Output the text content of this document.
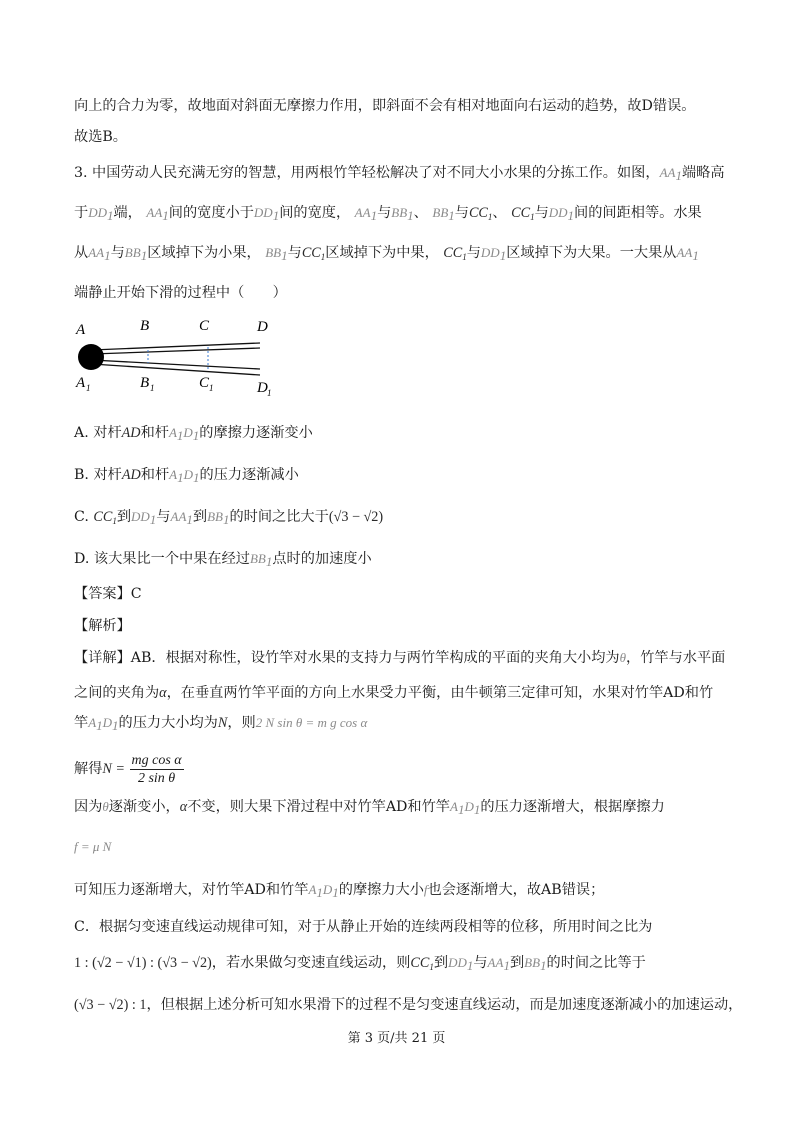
向上的合力为零，故地面对斜面无摩擦力作用，即斜面不会有相对地面向右运动的趋势，故D错误。
故选B。
3. 中国劳动人民充满无穷的智慧，用两根竹竿轻松解决了对不同大小水果的分拣工作。如图，$AA_1$端略高
于$DD_1$端， $AA_1$间的宽度小于$DD_1$间的宽度， $AA_1$与$BB_1$、 $BB_1$与$CC_1$、 $CC_1$与$DD_1$间的间距相等。水果
从$AA_1$与$BB_1$区域掉下为小果， $BB_1$与$CC_1$区域掉下为中果， $CC_1$与$DD_1$区域掉下为大果。一大果从$AA_1$
端静止开始下滑的过程中（　　）
A	B	C	D
A 1	B 1	C 1	D 1
A. 对杆AD和杆$A_1D_1$的摩擦力逐渐变小
B. 对杆AD和杆$A_1D_1$的压力逐渐减小
C. $CC_1$到$DD_1$与$AA_1$到$BB_1$的时间之比大于(√3 − √2)
D. 该大果比一个中果在经过$BB_1$点时的加速度小
【答案】C
【解析】
【详解】AB．根据对称性，设竹竿对水果的支持力与两竹竿构成的平面的夹角大小均为θ，竹竿与水平面
之间的夹角为α，在垂直两竹竿平面的方向上水果受力平衡，由牛顿第三定律可知，水果对竹竿AD和竹
竿$A_1D_1$的压力大小均为N，则2 N sin θ = m g cos α
解得$N = \frac{\text{mg cos α}}{\text{2 sin θ}}$
因为θ逐渐变小，α不变，则大果下滑过程中对竹竿AD和竹竿$A_1D_1$的压力逐渐增大，根据摩擦力
f = μ N
可知压力逐渐增大，对竹竿AD和竹竿$A_1D_1$的摩擦力大小f也会逐渐增大，故AB错误；
C．根据匀变速直线运动规律可知，对于从静止开始的连续两段相等的位移，所用时间之比为
1 : (√2 − √1) : (√3 − √2)，若水果做匀变速直线运动，则$CC_1$到$DD_1$与$AA_1$到$BB_1$的时间之比等于
(√3 − √2) : 1，但根据上述分析可知水果滑下的过程不是匀变速直线运动，而是加速度逐渐减小的加速运动，
第 3 页/共 21 页
